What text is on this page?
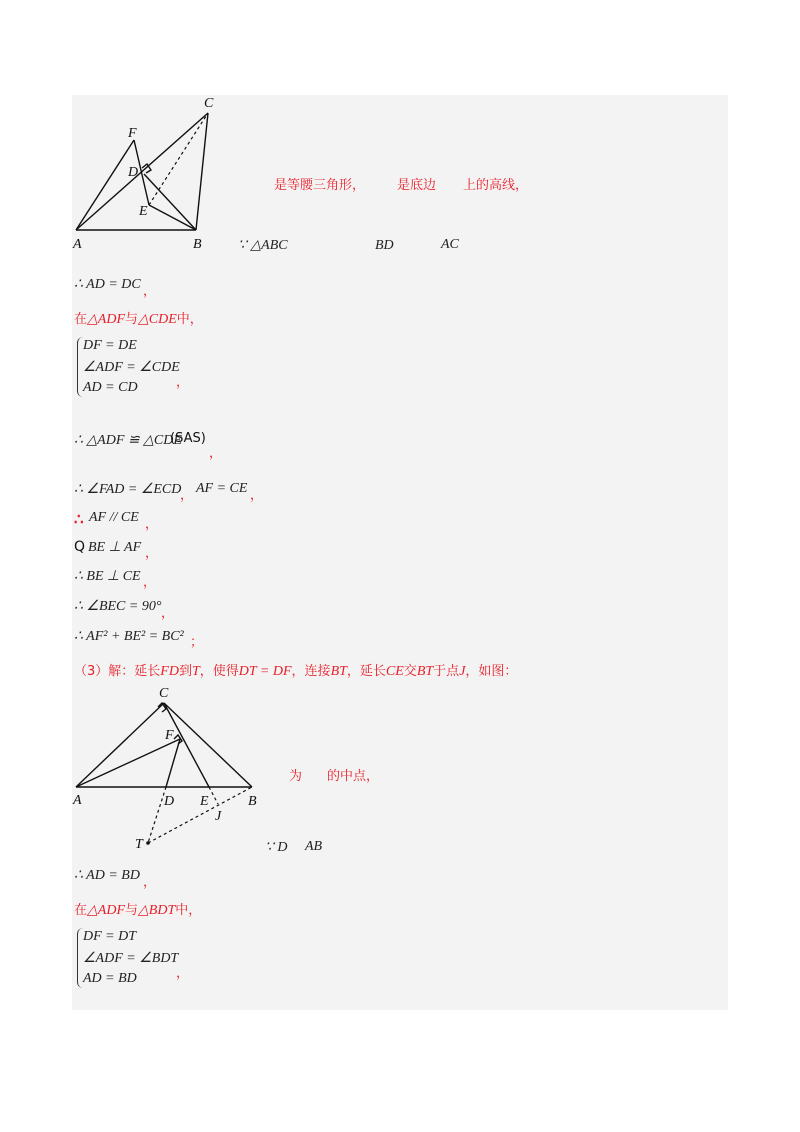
C
F
D
E
A	B
是等腰三角形， 是底边 上的高线，
∵ △ABC	BD	AC
∴ AD = DC ，
在△ADF与△CDE中，
DF = DE
∠ADF = ∠CDE
AD = CD	，
∴ △ADF ≌ △CDE
(SAS)
，
∴ ∠FAD = ∠ECD
， AF = CE ，
∴ AF // CE ，
Q BE ⊥ AF ，
∴ BE ⊥ CE ，
∴ ∠BEC = 90° ，
∴ AF² + BE² = BC² ；
（3）解：延长FD到T，使得DT = DF，连接BT，延长CE交BT于点J，如图：
C
F
A	D E	B
J
T
为 的中点，
∵ D AB
∴ AD = BD ，
在△ADF与△BDT中，
DF = DT
∠ADF = ∠BDT
AD = BD	，
